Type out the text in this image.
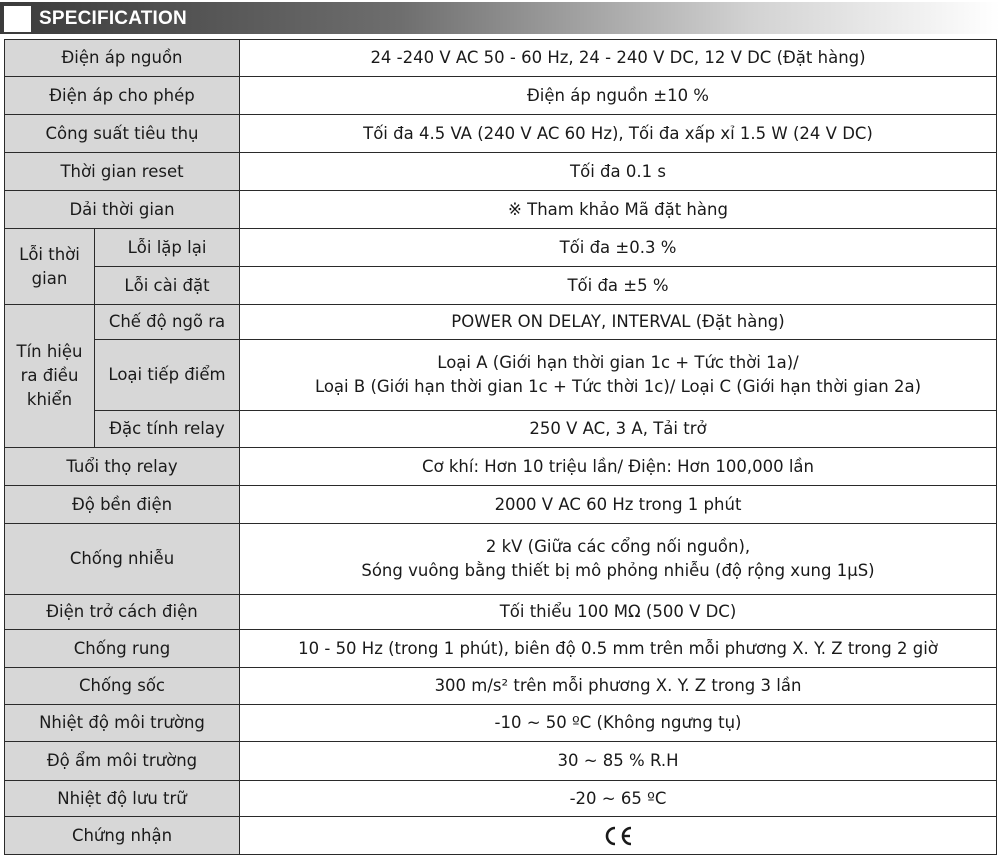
SPECIFICATION
Điện áp nguồn		24 -240 V AC 50 - 60 Hz, 24 - 240 V DC, 12 V DC (Đặt hàng)
Điện áp cho phép		Điện áp nguồn ±10 %
Công suất tiêu thụ		Tối đa 4.5 VA (240 V AC 60 Hz), Tối đa xấp xỉ 1.5 W (24 V DC)
Thời gian reset		Tối đa 0.1 s
Dải thời gian		※ Tham khảo Mã đặt hàng
Lỗi thời gian	Lỗi lặp lại	Tối đa ±0.3 %
	Lỗi cài đặt	Tối đa ±5 %
Tín hiệu ra điều khiển	Chế độ ngõ ra	POWER ON DELAY, INTERVAL (Đặt hàng)
	Loại tiếp điểm	Loại A (Giới hạn thời gian 1c + Tức thời 1a)/
Loại B (Giới hạn thời gian 1c + Tức thời 1c)/ Loại C (Giới hạn thời gian 2a)

	Đặc tính relay	250 V AC, 3 A, Tải trở
Tuổi thọ relay		Cơ khí: Hơn 10 triệu lần/ Điện: Hơn 100,000 lần
Độ bền điện		2000 V AC 60 Hz trong 1 phút
Chống nhiễu		2 kV (Giữa các cổng nối nguồn),
Sóng vuông bằng thiết bị mô phỏng nhiễu (độ rộng xung 1μS)

Điện trở cách điện		Tối thiểu 100 MΩ (500 V DC)
Chống rung		10 - 50 Hz (trong 1 phút), biên độ 0.5 mm trên mỗi phương X. Y. Z trong 2 giờ
Chống sốc		300 m/s² trên mỗi phương X. Y. Z trong 3 lần
Nhiệt độ môi trường		-10 ~ 50 ºC (Không ngưng tụ)
Độ ẩm môi trường		30 ~ 85 % R.H
Nhiệt độ lưu trữ		-20 ~ 65 ºC
Chứng nhận	
